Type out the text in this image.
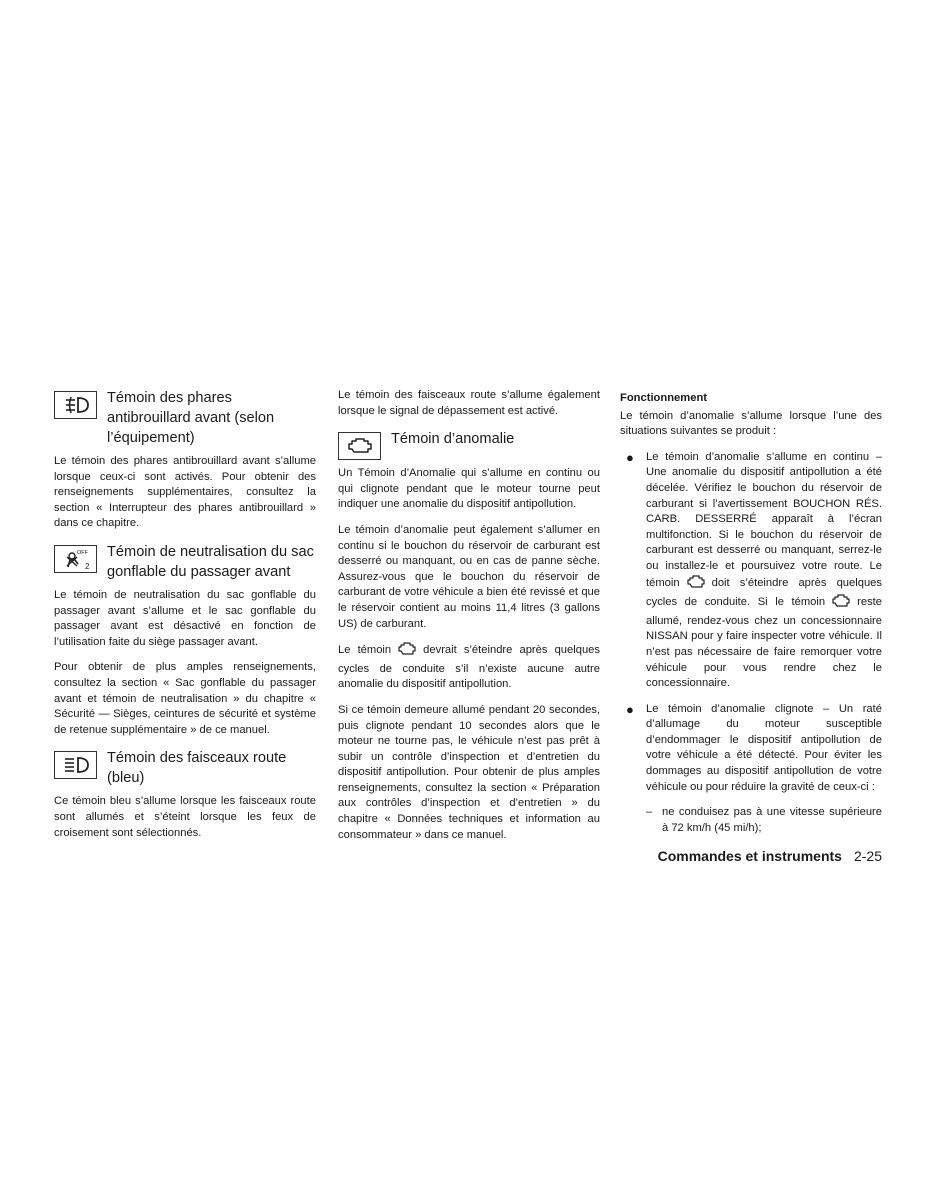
Témoin des phares antibrouillard avant (selon l’équipement)

Le témoin des phares antibrouillard avant s’allume lorsque ceux-ci sont activés. Pour obtenir des renseignements supplémentaires, consultez la section « Interrupteur des phares antibrouillard » dans ce chapitre.

OFF
2
Témoin de neutralisation du sac gonflable du passager avant

Le témoin de neutralisation du sac gonflable du passager avant s’allume et le sac gonflable du passager avant est désactivé en fonction de l’utilisation faite du siège passager avant.

Pour obtenir de plus amples renseignements, consultez la section « Sac gonflable du passager avant et témoin de neutralisation » du chapitre « Sécurité — Sièges, ceintures de sécurité et système de retenue supplémentaire » de ce manuel.

Témoin des faisceaux route (bleu)

Ce témoin bleu s’allume lorsque les faisceaux route sont allumés et s’éteint lorsque les feux de croisement sont sélectionnés.

Le témoin des faisceaux route s’allume également lorsque le signal de dépassement est activé.

Témoin d’anomalie

Un Témoin d’Anomalie qui s’allume en continu ou qui clignote pendant que le moteur tourne peut indiquer une anomalie du dispositif antipollution.

Le témoin d’anomalie peut également s’allumer en continu si le bouchon du réservoir de carburant est desserré ou manquant, ou en cas de panne sèche. Assurez-vous que le bouchon du réservoir de carburant de votre véhicule a bien été revissé et que le réservoir contient au moins 11,4 litres (3 gallons US) de carburant.

Le témoin	devrait s’éteindre après quelques cycles de conduite s’il n’existe aucune autre anomalie du dispositif antipollution.

Si ce témoin demeure allumé pendant 20 secondes, puis clignote pendant 10 secondes alors que le moteur ne tourne pas, le véhicule n’est pas prêt à subir un contrôle d’inspection et d’entretien du dispositif antipollution. Pour obtenir de plus amples renseignements, consultez la section « Préparation aux contrôles d’inspection et d’entretien » du chapitre « Données techniques et information au consommateur » dans ce manuel.

Fonctionnement

Le témoin d’anomalie s’allume lorsque l’une des situations suivantes se produit :

●	Le témoin d’anomalie s’allume en continu – Une anomalie du dispositif antipollution a été décelée. Vérifiez le bouchon du réservoir de carburant si l’avertissement BOUCHON RÉS. CARB. DESSERRÉ apparaît à l’écran multifonction. Si le bouchon du réservoir de carburant est desserré ou manquant, serrez-le ou installez-le et poursuivez votre route. Le témoin	doit s’éteindre après quelques cycles de conduite. Si le témoin	reste allumé, rendez-vous chez un concessionnaire NISSAN pour y faire inspecter votre véhicule. Il n’est pas nécessaire de faire remorquer votre véhicule pour vous rendre chez le concessionnaire.
●	Le témoin d’anomalie clignote – Un raté d’allumage du moteur susceptible d’endommager le dispositif antipollution de votre véhicule a été détecté. Pour éviter les dommages au dispositif antipollution de votre véhicule ou pour réduire la gravité de ceux-ci :
– ne conduisez pas à une vitesse supérieure à 72 km/h (45 mi/h);
Commandes et instruments 2-25
